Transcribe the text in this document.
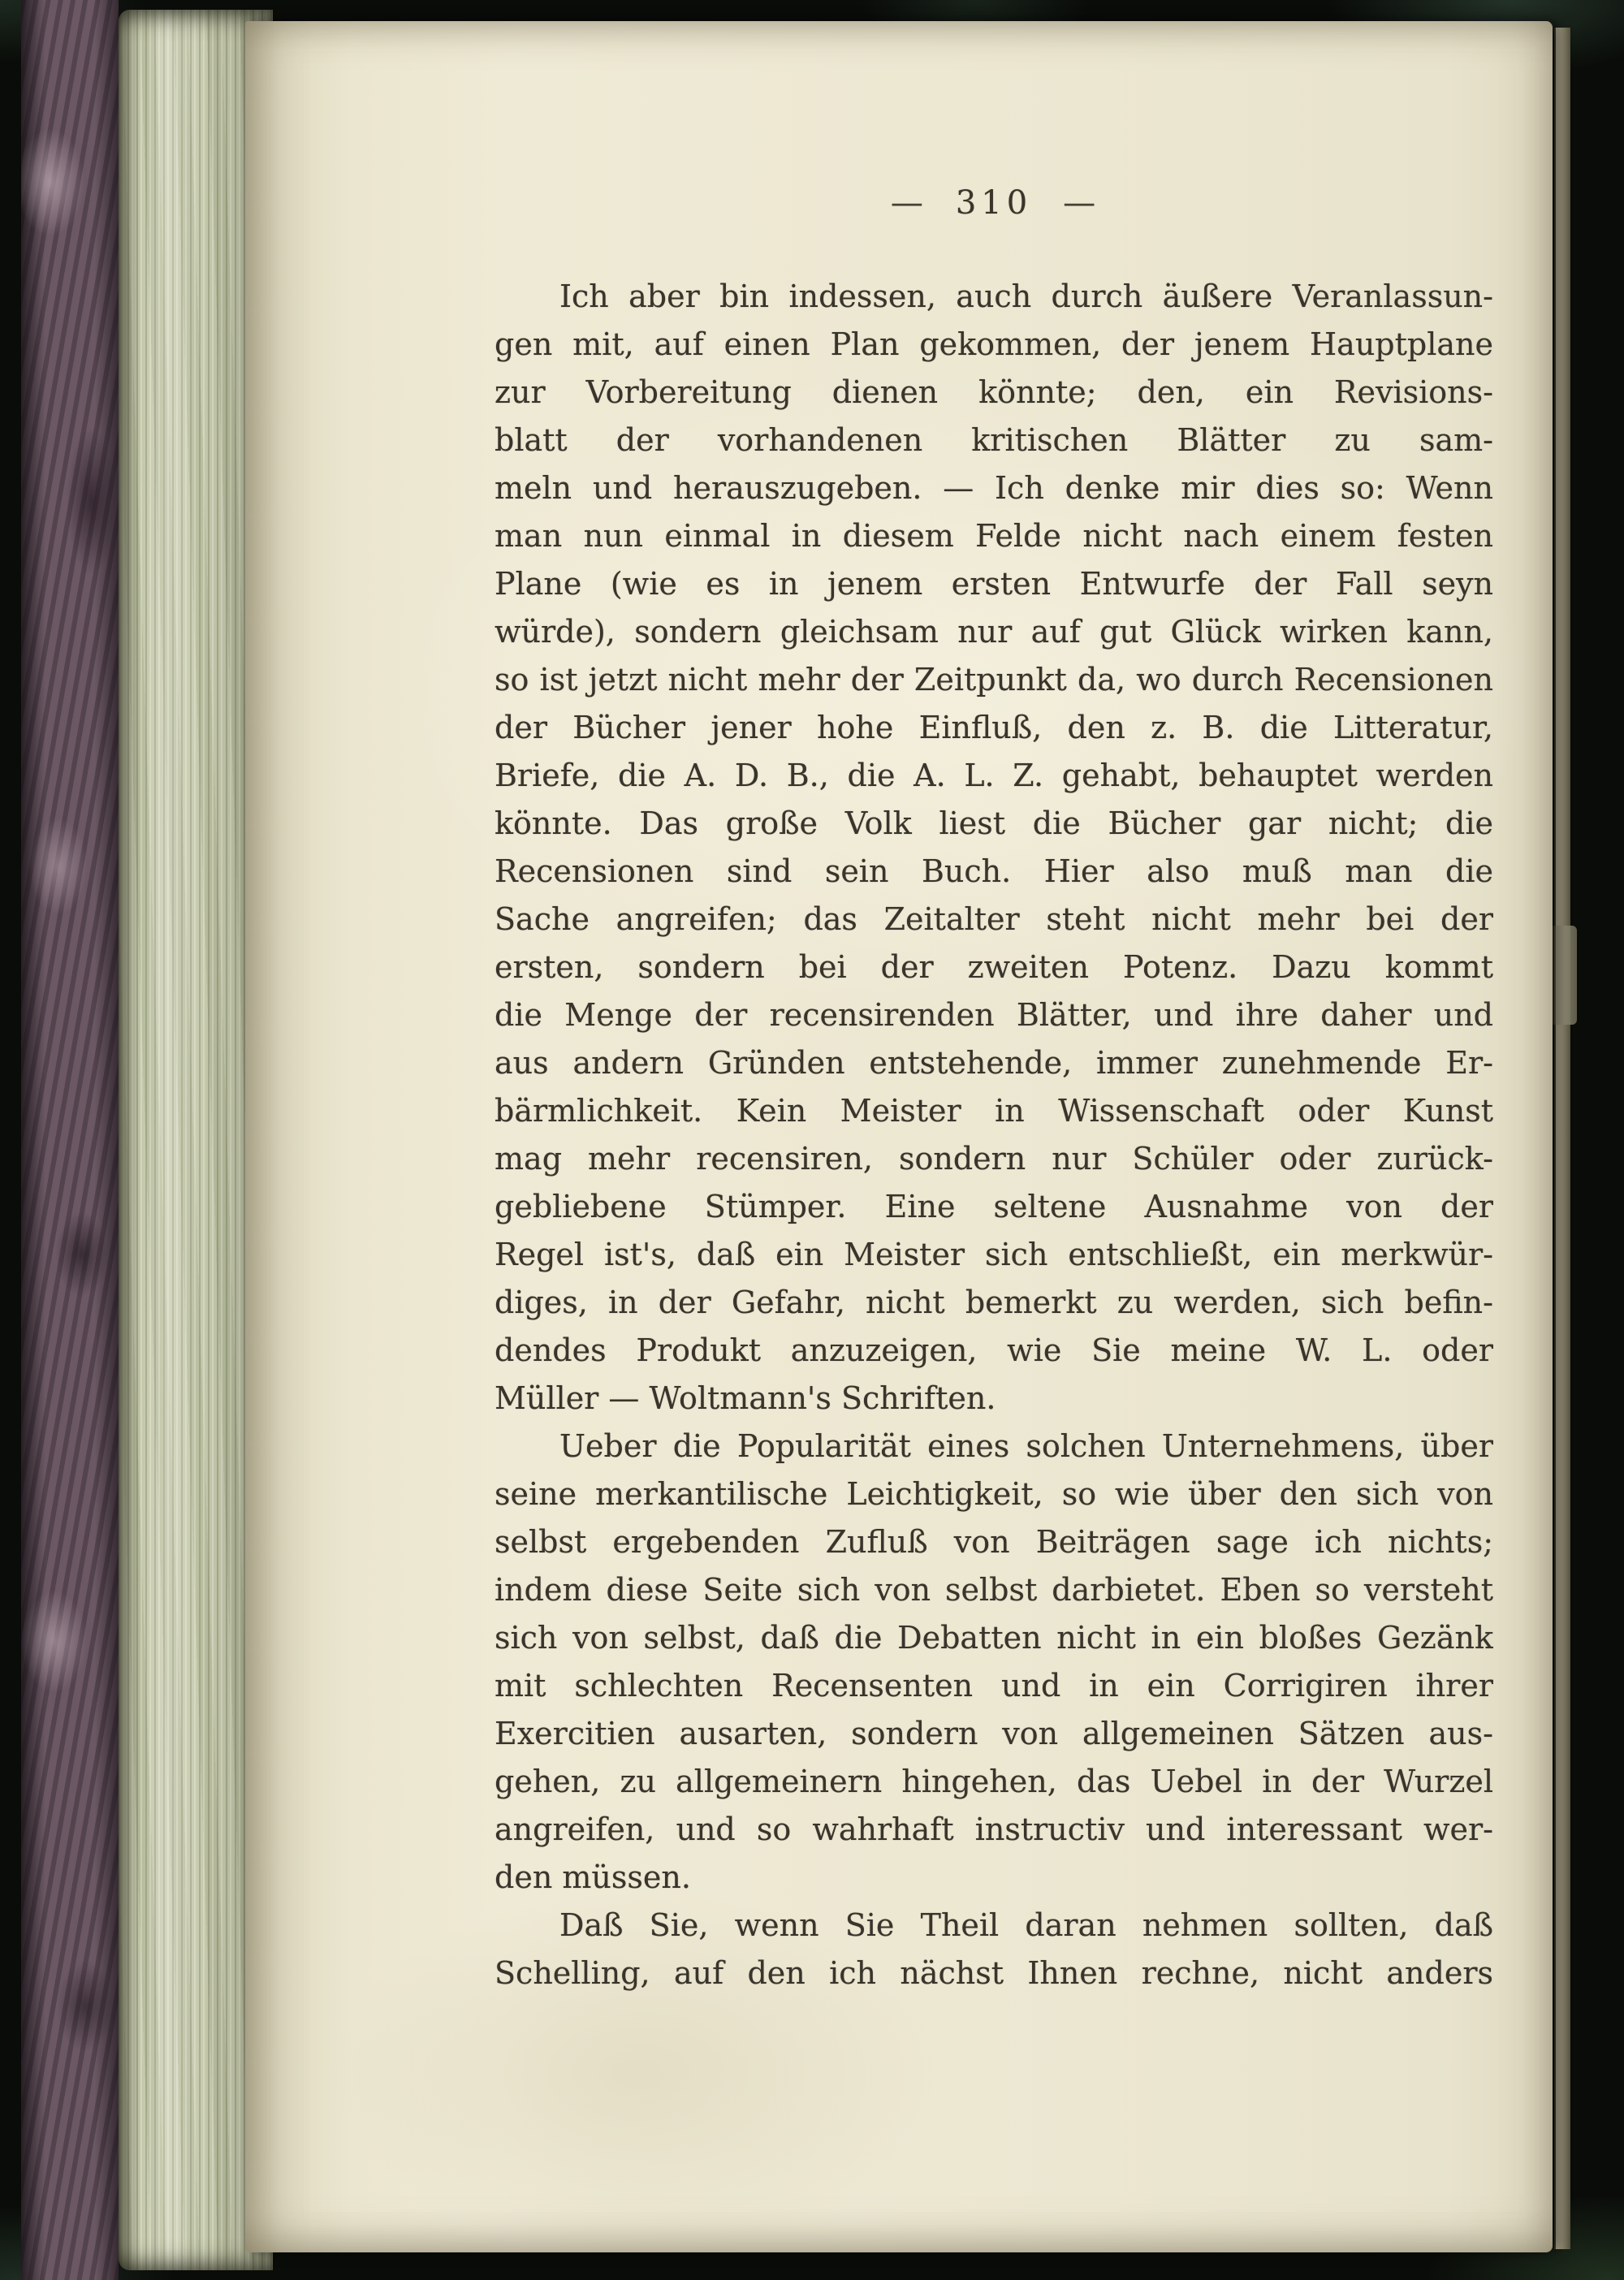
— 310 —
Ich aber bin indessen, auch durch äußere Veranlassun-
gen mit, auf einen Plan gekommen, der jenem Hauptplane
zur Vorbereitung dienen könnte; den, ein Revisions-
blatt der vorhandenen kritischen Blätter zu sam-
meln und herauszugeben. — Ich denke mir dies so: Wenn
man nun einmal in diesem Felde nicht nach einem festen
Plane (wie es in jenem ersten Entwurfe der Fall seyn
würde), sondern gleichsam nur auf gut Glück wirken kann,
so ist jetzt nicht mehr der Zeitpunkt da, wo durch Recensionen
der Bücher jener hohe Einfluß, den z. B. die Litteratur,
Briefe, die A. D. B., die A. L. Z. gehabt, behauptet werden
könnte. Das große Volk liest die Bücher gar nicht; die
Recensionen sind sein Buch. Hier also muß man die
Sache angreifen; das Zeitalter steht nicht mehr bei der
ersten, sondern bei der zweiten Potenz. Dazu kommt
die Menge der recensirenden Blätter, und ihre daher und
aus andern Gründen entstehende, immer zunehmende Er-
bärmlichkeit. Kein Meister in Wissenschaft oder Kunst
mag mehr recensiren, sondern nur Schüler oder zurück-
gebliebene Stümper. Eine seltene Ausnahme von der
Regel ist's, daß ein Meister sich entschließt, ein merkwür-
diges, in der Gefahr, nicht bemerkt zu werden, sich befin-
dendes Produkt anzuzeigen, wie Sie meine W. L. oder
Müller — Woltmann's Schriften.
Ueber die Popularität eines solchen Unternehmens, über
seine merkantilische Leichtigkeit, so wie über den sich von
selbst ergebenden Zufluß von Beiträgen sage ich nichts;
indem diese Seite sich von selbst darbietet. Eben so versteht
sich von selbst, daß die Debatten nicht in ein bloßes Gezänk
mit schlechten Recensenten und in ein Corrigiren ihrer
Exercitien ausarten, sondern von allgemeinen Sätzen aus-
gehen, zu allgemeinern hingehen, das Uebel in der Wurzel
angreifen, und so wahrhaft instructiv und interessant wer-
den müssen.
Daß Sie, wenn Sie Theil daran nehmen sollten, daß
Schelling, auf den ich nächst Ihnen rechne, nicht anders
